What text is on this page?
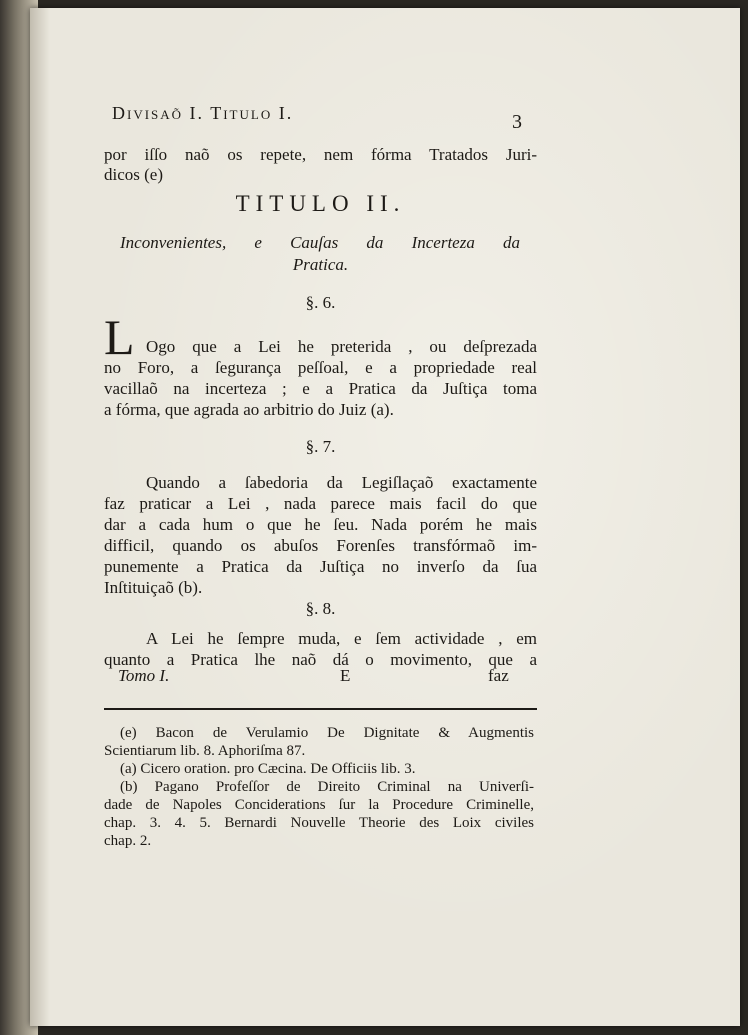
Divisaõ I. Titulo I.	3
por iſſo naõ os repete, nem fórma Tratados Juri-
dicos (e)
TITULO II.
Inconvenientes, e Cauſas da Incerteza da
Pratica.
§. 6.
L Ogo que a Lei he preterida , ou deſprezada
no Foro, a ſegurança peſſoal, e a propriedade real
vacillaõ na incerteza ; e a Pratica da Juſtiça toma
a fórma, que agrada ao arbitrio do Juiz (a).
§. 7.
Quando a ſabedoria da Legiſlaçaõ exactamente
faz praticar a Lei , nada parece mais facil do que
dar a cada hum o que he ſeu. Nada porém he mais
difficil, quando os abuſos Forenſes transfórmaõ im-
punemente a Pratica da Juſtiça no inverſo da ſua
Inſtituiçaõ (b).
§. 8.
A Lei he ſempre muda, e ſem actividade , em
quanto a Pratica lhe naõ dá o movimento, que a
Tomo I.	E	faz
(e) Bacon de Verulamio De Dignitate & Augmentis
Scientiarum lib. 8. Aphoriſma 87.
(a) Cicero oration. pro Cæcina. De Officiis lib. 3.
(b) Pagano Profeſſor de Direito Criminal na Univerſi-
dade de Napoles Conciderations ſur la Procedure Criminelle,
chap. 3. 4. 5. Bernardi Nouvelle Theorie des Loix civiles
chap. 2.
